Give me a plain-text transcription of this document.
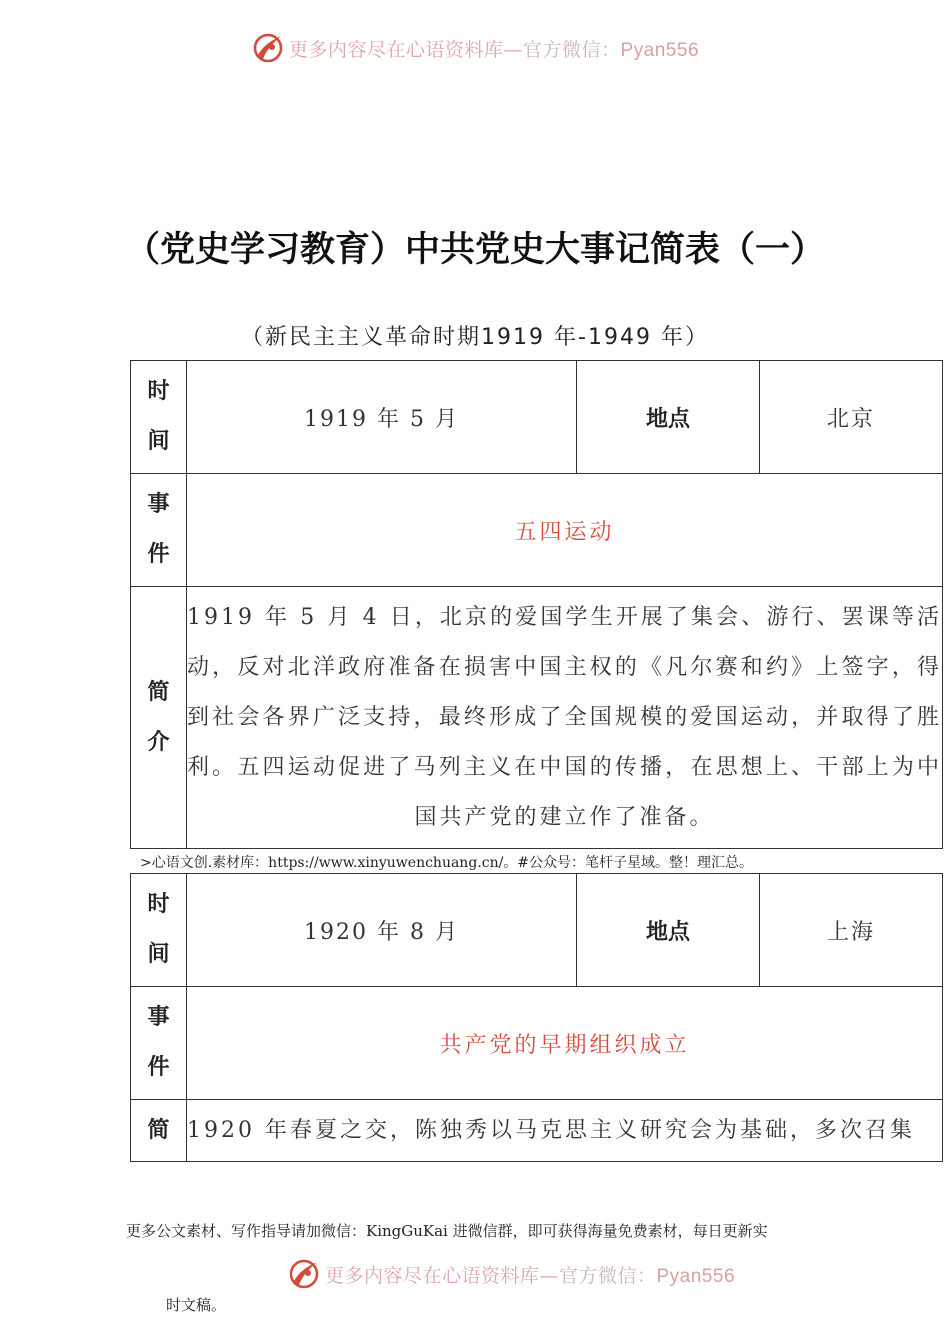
更多内容尽在心语资料库—官方微信：Pyan556
（党史学习教育）中共党史大事记简表（一）
（新民主主义革命时期1919 年-1949 年）
时
间	1919 年 5 月	地点	北京
事
件	五四运动		
简
介	1919 年 5 月 4 日，北京的爱国学生开展了集会、游行、罢课等活动，反对北洋政府准备在损害中国主权的《凡尔赛和约》上签字，得到社会各界广泛支持，最终形成了全国规模的爱国运动，并取得了胜利。五四运动促进了马列主义在中国的传播，在思想上、干部上为中国共产党的建立作了准备。		
>心语文创.素材库：https://www.xinyuwenchuang.cn/。#公众号：笔杆子星域。整！理汇总。
时
间	1920 年 8 月	地点	上海
事
件	共产党的早期组织成立		
简	1920 年春夏之交，陈独秀以马克思主义研究会为基础，多次召集		
更多公文素材、写作指导请加微信：KingGuKai 进微信群，即可获得海量免费素材，每日更新实
更多内容尽在心语资料库—官方微信：Pyan556
时文稿。
